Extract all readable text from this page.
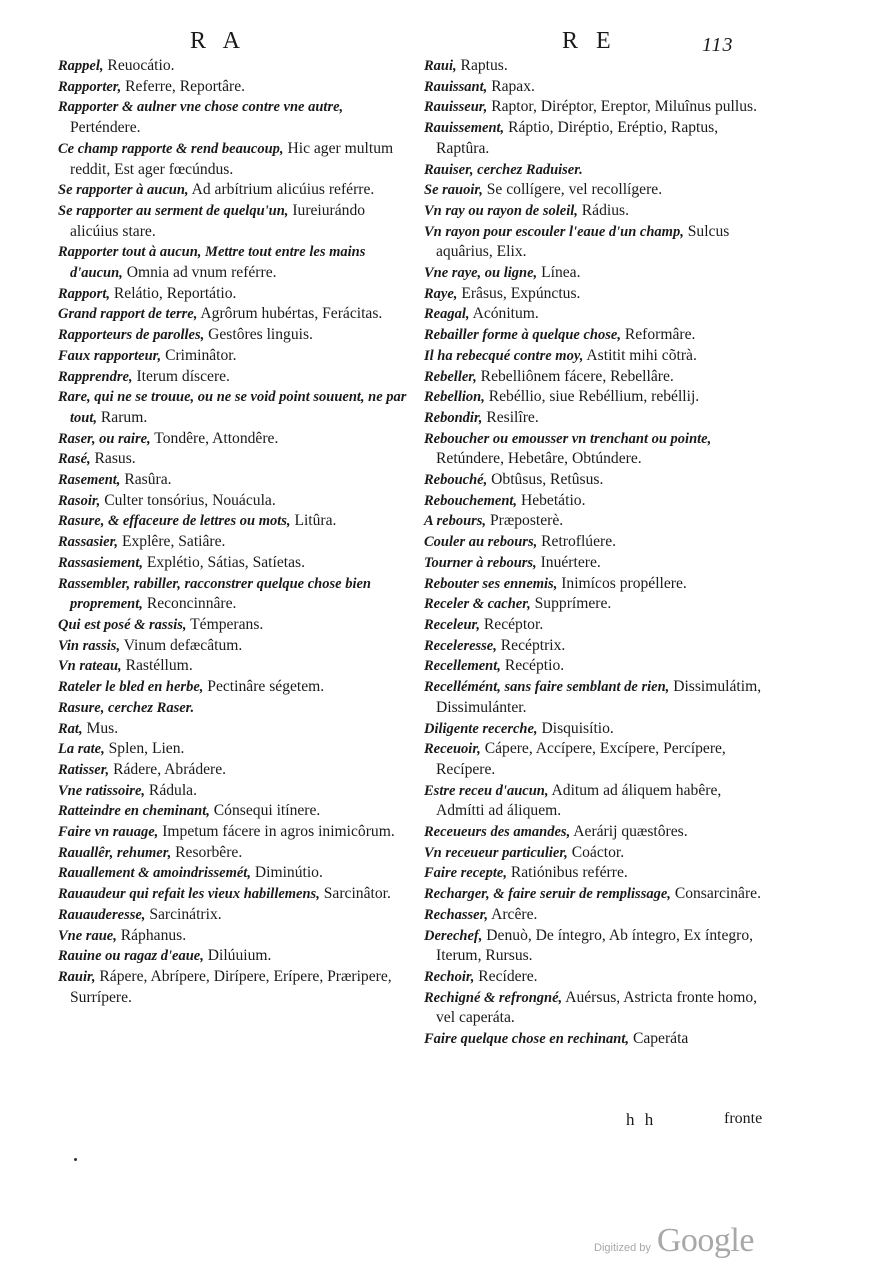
R A	R E	113
Rappel, Reuocátio.
Rapporter, Referre, Reportâre.
Rapporter & aulner vne chose contre vne autre, Perténdere.
Ce champ rapporte & rend beaucoup, Hic ager multum reddit, Est ager fœcúndus.
Se rapporter à aucun, Ad arbítrium alicúius reférre.
Se rapporter au serment de quelqu'un, Iureiurándo alicúius stare.
Rapporter tout à aucun, Mettre tout entre les mains d'aucun, Omnia ad vnum reférre.
Rapport, Relátio, Reportátio.
Grand rapport de terre, Agrôrum hubértas, Ferácitas.
Rapporteurs de parolles, Gestôres linguis.
Faux rapporteur, Criminâtor.
Rapprendre, Iterum díscere.
Rare, qui ne se trouue, ou ne se void point souuent, ne par tout, Rarum.
Raser, ou raire, Tondêre, Attondêre.
Rasé, Rasus.
Rasement, Rasûra.
Rasoir, Culter tonsórius, Nouácula.
Rasure, & effaceure de lettres ou mots, Litûra.
Rassasier, Explêre, Satiâre.
Rassasiement, Explétio, Sátias, Satíetas.
Rassembler, rabiller, racconstrer quelque chose bien proprement, Reconcinnâre.
Qui est posé & rassis, Témperans.
Vin rassis, Vinum defæcâtum.
Vn rateau, Rastéllum.
Rateler le bled en herbe, Pectinâre ségetem.
Rasure, cerchez Raser.
Rat, Mus.
La rate, Splen, Lien.
Ratisser, Rádere, Abrádere.
Vne ratissoire, Rádula.
Ratteindre en cheminant, Cónsequi itínere.
Faire vn rauage, Impetum fácere in agros inimicôrum.
Rauallêr, rehumer, Resorbêre.
Rauallement & amoindrissemét, Diminútio.
Rauaudeur qui refait les vieux habillemens, Sarcinâtor.
Rauauderesse, Sarcinátrix.
Vne raue, Ráphanus.
Rauine ou ragaz d'eaue, Dilúuium.
Rauir, Rápere, Abrípere, Dirípere, Erípere, Præripere, Surrípere.
Raui, Raptus.
Rauissant, Rapax.
Rauisseur, Raptor, Diréptor, Ereptor, Miluînus pullus.
Rauissement, Ráptio, Diréptio, Eréptio, Raptus, Raptûra.
Rauiser, cerchez Raduiser.
Se rauoir, Se collígere, vel recollígere.
Vn ray ou rayon de soleil, Rádius.
Vn rayon pour escouler l'eaue d'un champ, Sulcus aquârius, Elix.
Vne raye, ou ligne, Línea.
Raye, Erâsus, Expúnctus.
Reagal, Acónitum.
Rebailler forme à quelque chose, Reformâre.
Il ha rebecqué contre moy, Astitit mihi cõtrà.
Rebeller, Rebelliônem fácere, Rebellâre.
Rebellion, Rebéllio, siue Rebéllium, rebéllij.
Rebondir, Resilîre.
Reboucher ou emousser vn trenchant ou pointe, Retúndere, Hebetâre, Obtúndere.
Rebouché, Obtûsus, Retûsus.
Rebouchement, Hebetátio.
A rebours, Præposterè.
Couler au rebours, Retroflúere.
Tourner à rebours, Inuértere.
Rebouter ses ennemis, Inimícos propéllere.
Receler & cacher, Supprímere.
Receleur, Recéptor.
Receleresse, Recéptrix.
Recellement, Recéptio.
Recellémént, sans faire semblant de rien, Dissimulátim, Dissimulánter.
Diligente recerche, Disquisítio.
Receuoir, Cápere, Accípere, Excípere, Percípere, Recípere.
Estre receu d'aucun, Aditum ad áliquem habêre, Admítti ad áliquem.
Receueurs des amandes, Aerárij quæstôres.
Vn receueur particulier, Coáctor.
Faire recepte, Ratiónibus reférre.
Recharger, & faire seruir de remplissage, Consarcinâre.
Rechasser, Arcêre.
Derechef, Denuò, De íntegro, Ab íntegro, Ex íntegro, Iterum, Rursus.
Rechoir, Recídere.
Rechigné & refrongné, Auérsus, Astricta fronte homo, vel caperáta.
Faire quelque chose en rechinant, Caperáta
h h	fronte
Digitized by Google
